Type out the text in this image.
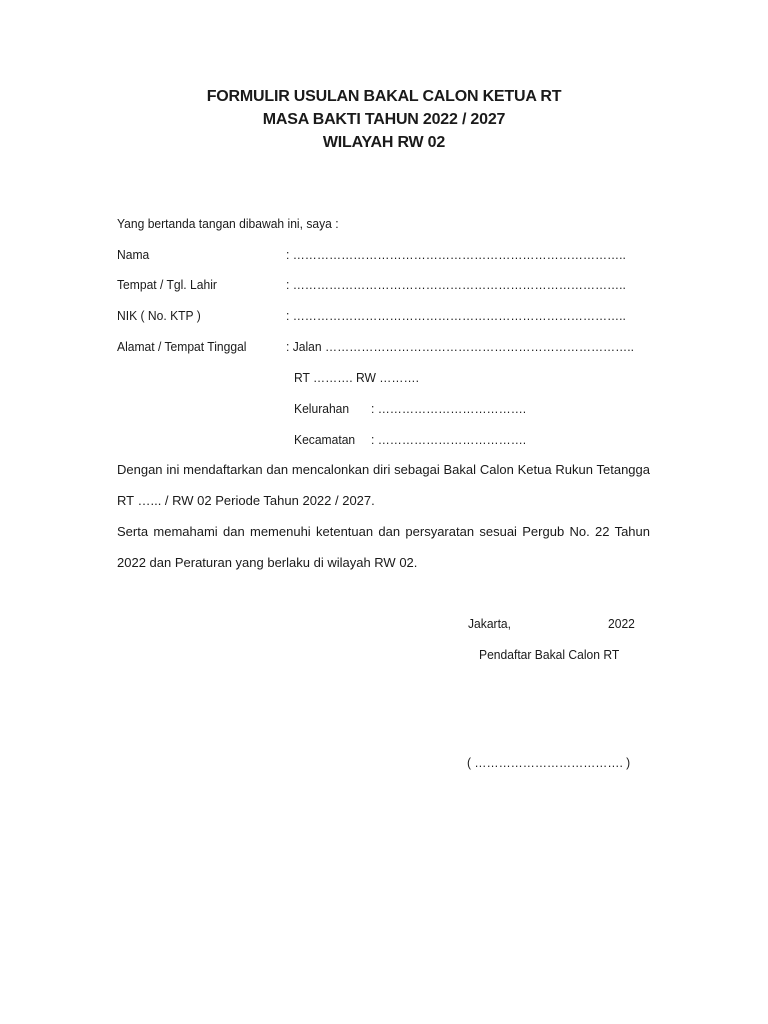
FORMULIR USULAN BAKAL CALON KETUA RT
MASA BAKTI TAHUN 2022 / 2027
WILAYAH RW 02
Yang bertanda tangan dibawah ini, saya :
Nama	: ………………………………………………………………………..
Tempat / Tgl. Lahir	: ………………………………………………………………………..
NIK ( No. KTP )	: ………………………………………………………………………..
Alamat / Tempat Tinggal	: Jalan …………………………………………………………………..
RT ………. RW ……….
Kelurahan : ……………………………….
Kecamatan : ……………………………….
Dengan ini mendaftarkan dan mencalonkan diri sebagai Bakal Calon Ketua Rukun Tetangga
RT …... / RW 02 Periode Tahun 2022 / 2027.
Serta memahami dan memenuhi ketentuan dan persyaratan sesuai Pergub No. 22 Tahun
2022 dan Peraturan yang berlaku di wilayah RW 02.
Jakarta,	2022
Pendaftar Bakal Calon RT
( ………………………………. )
